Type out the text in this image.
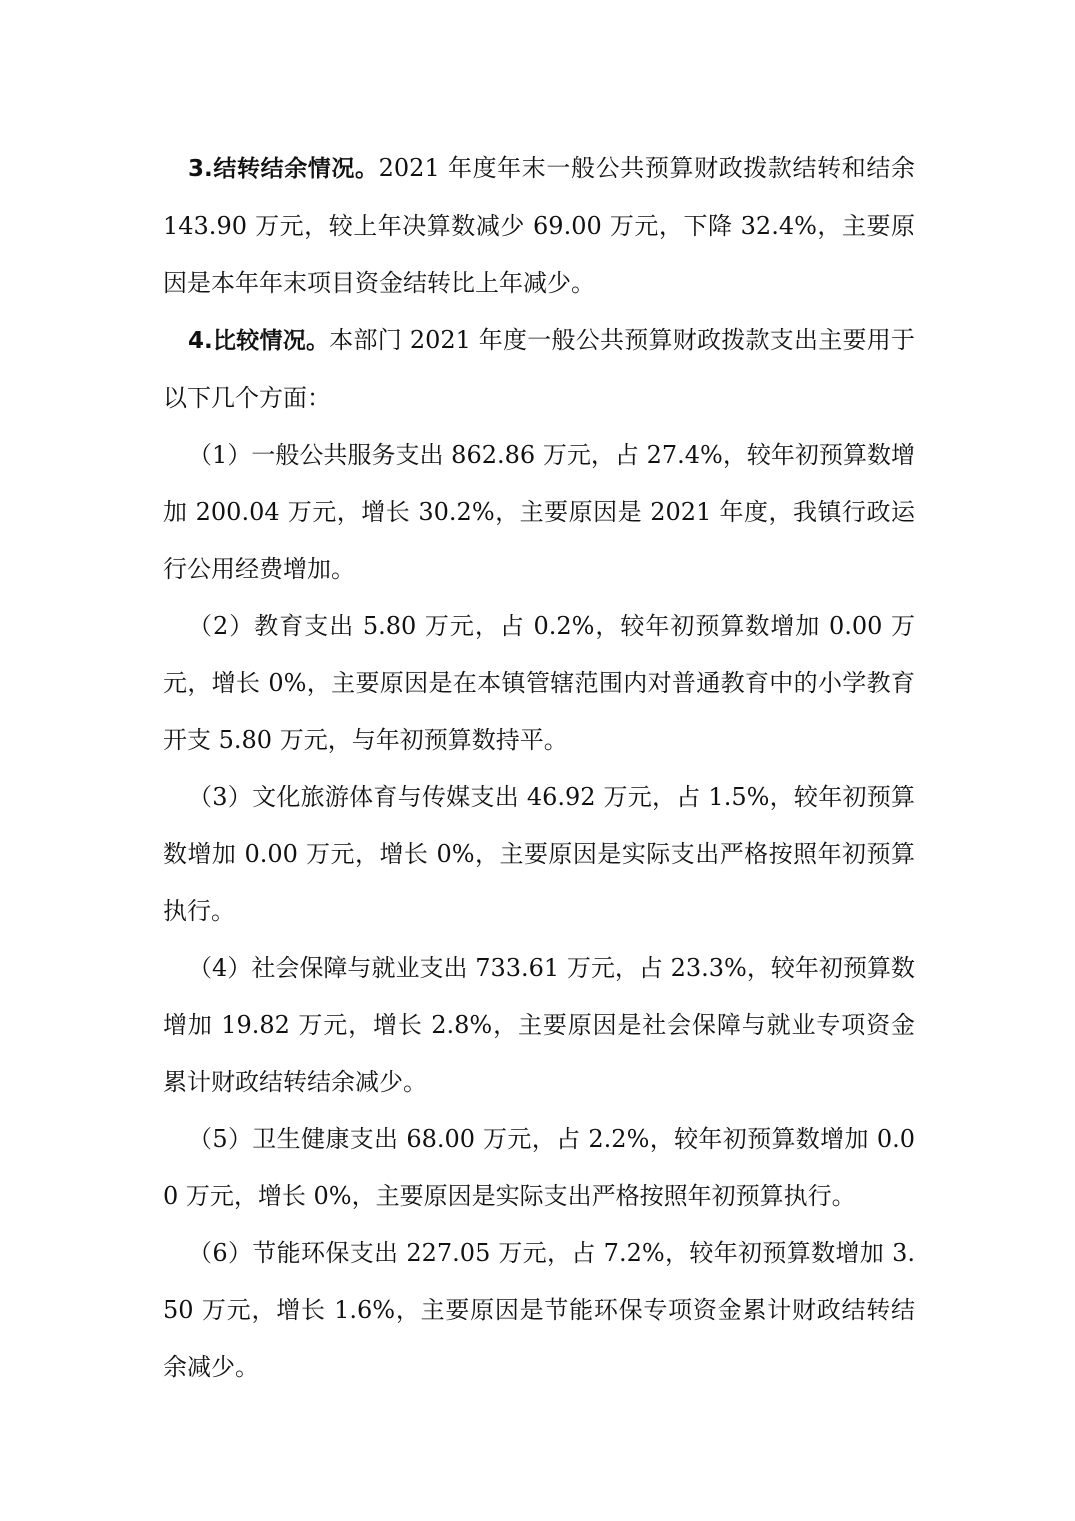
3.结转结余情况。2021 年度年末一般公共预算财政拨款结转和结余 143.90 万元，较上年决算数减少 69.00 万元，下降 32.4%，主要原因是本年年末项目资金结转比上年减少。

4.比较情况。本部门 2021 年度一般公共预算财政拨款支出主要用于以下几个方面：

（1）一般公共服务支出 862.86 万元，占 27.4%，较年初预算数增加 200.04 万元，增长 30.2%，主要原因是 2021 年度，我镇行政运行公用经费增加。

（2）教育支出 5.80 万元，占 0.2%，较年初预算数增加 0.00 万元，增长 0%，主要原因是在本镇管辖范围内对普通教育中的小学教育开支 5.80 万元，与年初预算数持平。

（3）文化旅游体育与传媒支出 46.92 万元，占 1.5%，较年初预算数增加 0.00 万元，增长 0%，主要原因是实际支出严格按照年初预算执行。

（4）社会保障与就业支出 733.61 万元，占 23.3%，较年初预算数增加 19.82 万元，增长 2.8%，主要原因是社会保障与就业专项资金累计财政结转结余减少。

（5）卫生健康支出 68.00 万元，占 2.2%，较年初预算数增加 0.00 万元，增长 0%，主要原因是实际支出严格按照年初预算执行。

（6）节能环保支出 227.05 万元，占 7.2%，较年初预算数增加 3.50 万元，增长 1.6%，主要原因是节能环保专项资金累计财政结转结余减少。
